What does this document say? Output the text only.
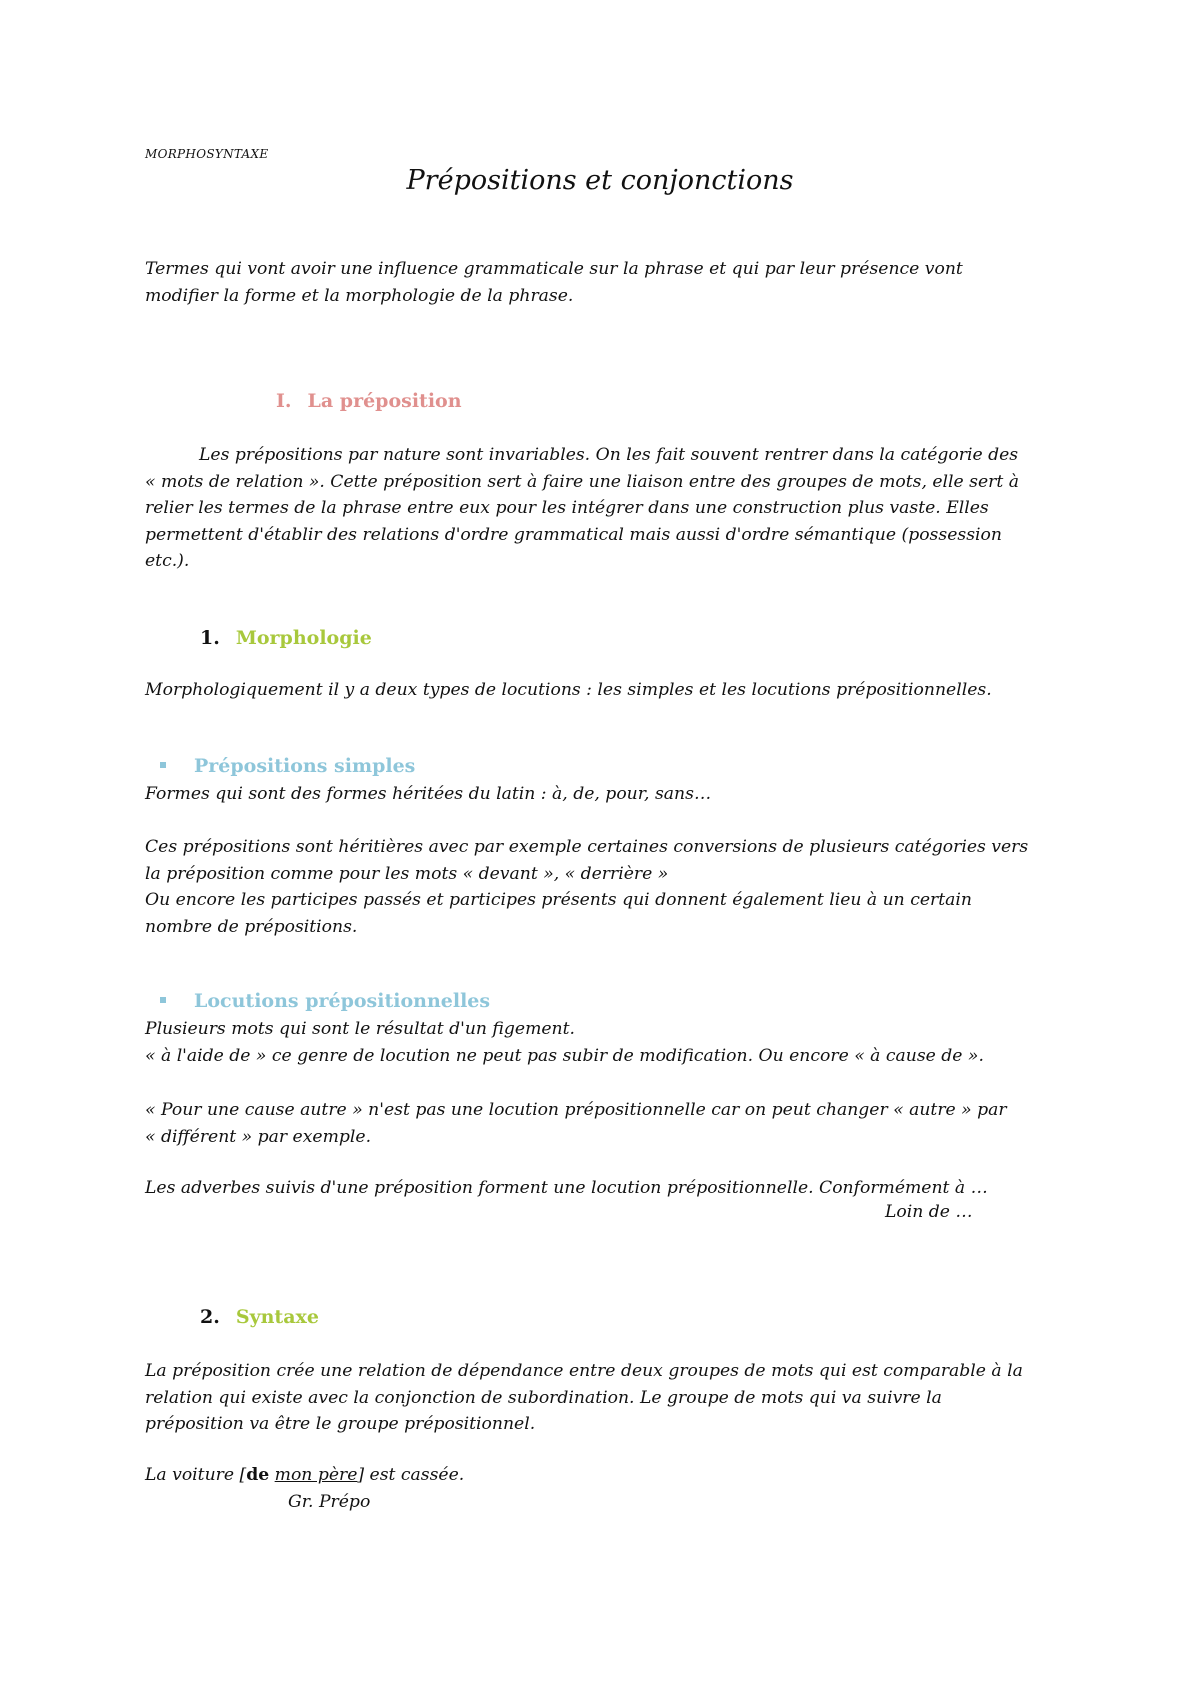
MORPHOSYNTAXE
Prépositions et conjonctions
Termes qui vont avoir une influence grammaticale sur la phrase et qui par leur présence vont
modifier la forme et la morphologie de la phrase.
I. La préposition
Les prépositions par nature sont invariables. On les fait souvent rentrer dans la catégorie des
« mots de relation ». Cette préposition sert à faire une liaison entre des groupes de mots, elle sert à
relier les termes de la phrase entre eux pour les intégrer dans une construction plus vaste. Elles
permettent d'établir des relations d'ordre grammatical mais aussi d'ordre sémantique (possession
etc.).
1. Morphologie
Morphologiquement il y a deux types de locutions : les simples et les locutions prépositionnelles.
Prépositions simples
Formes qui sont des formes héritées du latin : à, de, pour, sans…
Ces prépositions sont héritières avec par exemple certaines conversions de plusieurs catégories vers
la préposition comme pour les mots « devant », « derrière »
Ou encore les participes passés et participes présents qui donnent également lieu à un certain
nombre de prépositions.
Locutions prépositionnelles
Plusieurs mots qui sont le résultat d'un figement.
« à l'aide de » ce genre de locution ne peut pas subir de modification. Ou encore « à cause de ».
« Pour une cause autre » n'est pas une locution prépositionnelle car on peut changer « autre » par
« différent » par exemple.
Les adverbes suivis d'une préposition forment une locution prépositionnelle. Conformément à …
Loin de …
2. Syntaxe
La préposition crée une relation de dépendance entre deux groupes de mots qui est comparable à la
relation qui existe avec la conjonction de subordination. Le groupe de mots qui va suivre la
préposition va être le groupe prépositionnel.
La voiture [de mon père] est cassée.
Gr. Prépo
